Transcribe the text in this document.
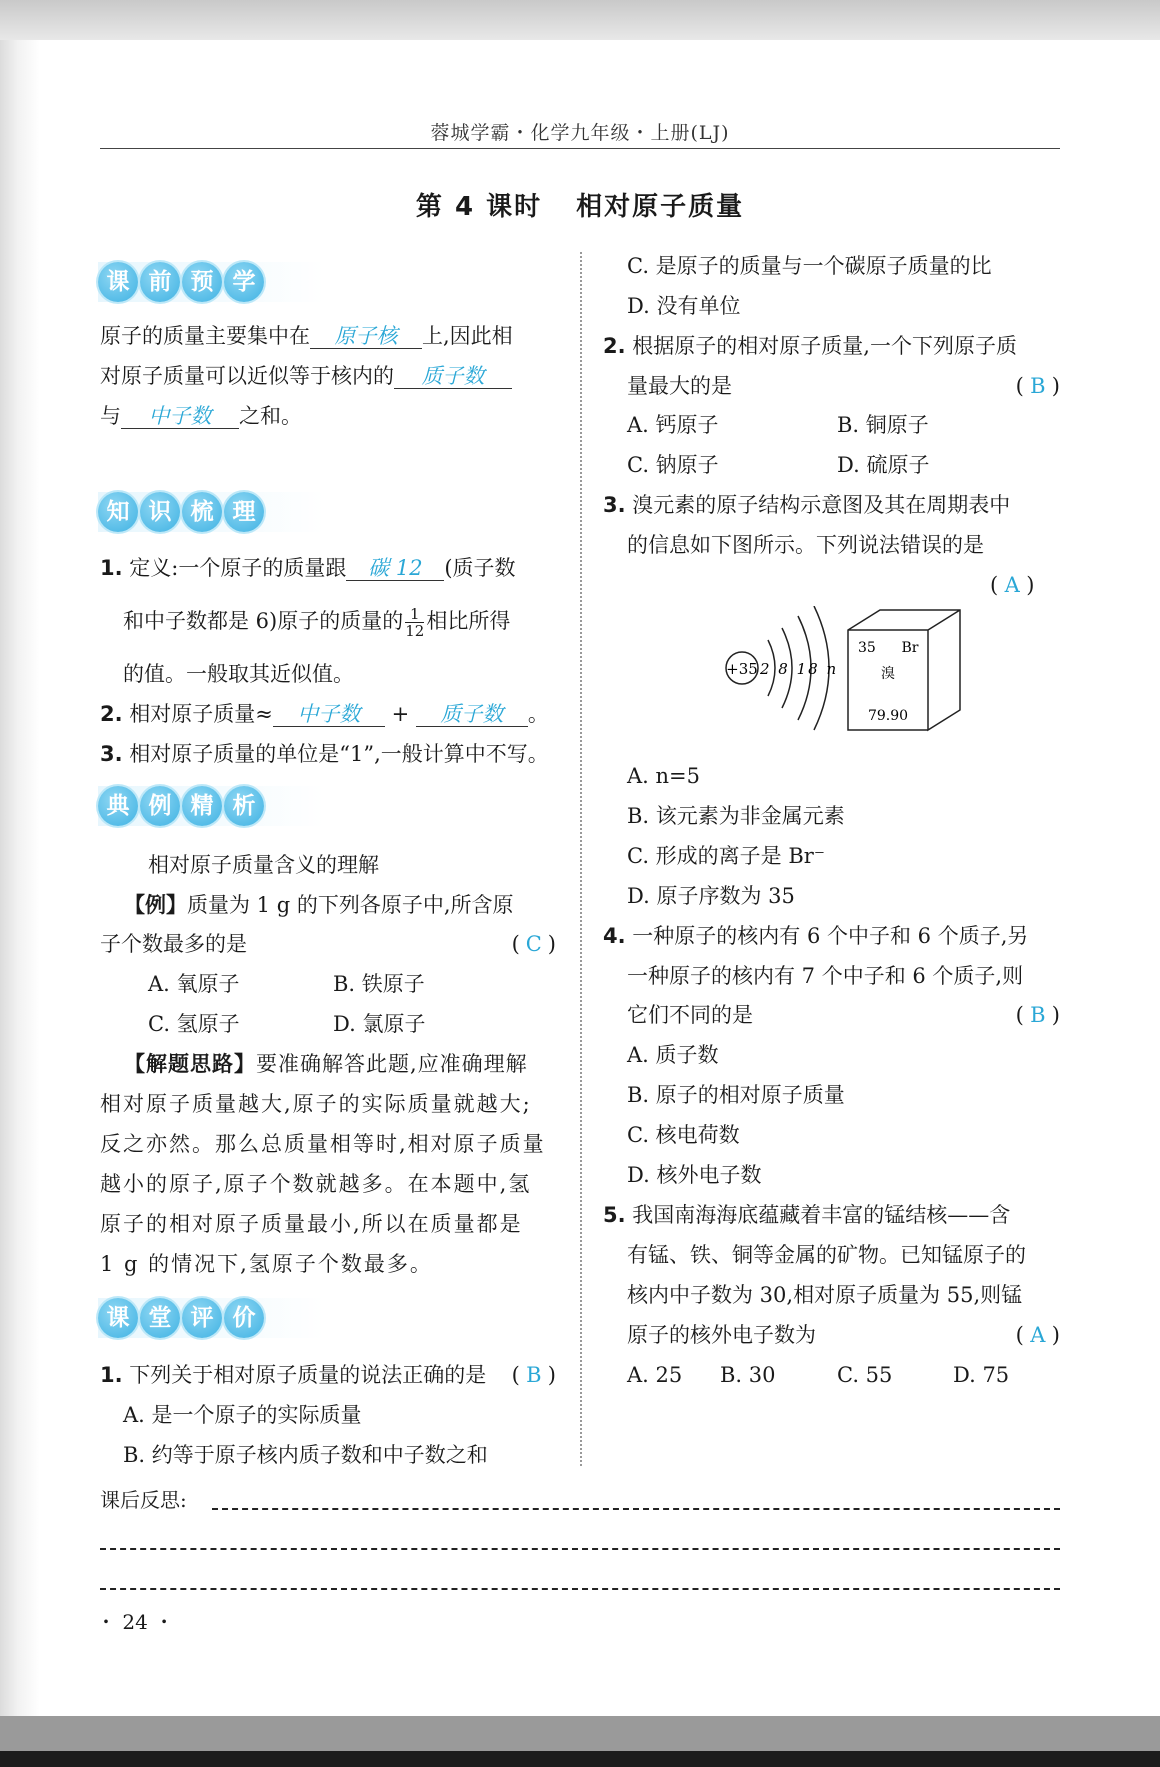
蓉城学霸・化学九年级・上册(LJ)
第 4 课时 相对原子质量
课 前 预 学
原子的质量主要集中在 原子核 上,因此相
对原子质量可以近似等于核内的 质子数
与 中子数 之和。
知 识 梳 理
1. 定义:一个原子的质量跟 碳 12 (质子数
和中子数都是 6)原子的质量的 $\frac{1}{12}$ 相比所得
的值。一般取其近似值。
2. 相对原子质量≈ 中子数 + 质子数 。
3. 相对原子质量的单位是“1”,一般计算中不写。
典 例 精 析
相对原子质量含义的理解
【例】质量为 1 g 的下列各原子中,所含原
子个数最多的是	( C )
A. 氧原子	B. 铁原子
C. 氢原子	D. 氯原子
【解题思路】要准确解答此题,应准确理解
相对原子质量越大,原子的实际质量就越大;
反之亦然。那么总质量相等时,相对原子质量
越小的原子,原子个数就越多。在本题中,氢
原子的相对原子质量最小,所以在质量都是
1 g 的情况下,氢原子个数最多。
课 堂 评 价
1. 下列关于相对原子质量的说法正确的是 ( B )
A. 是一个原子的实际质量
B. 约等于原子核内质子数和中子数之和
C. 是原子的质量与一个碳原子质量的比
D. 没有单位
2. 根据原子的相对原子质量,一个下列原子质
量最大的是	( B )
A. 钙原子	B. 铜原子
C. 钠原子	D. 硫原子
3. 溴元素的原子结构示意图及其在周期表中
的信息如下图所示。下列说法错误的是
( A )
+35 2 8 18 n
35 Br
溴
79.90
A. n=5
B. 该元素为非金属元素
C. 形成的离子是 Br⁻
D. 原子序数为 35
4. 一种原子的核内有 6 个中子和 6 个质子,另
一种原子的核内有 7 个中子和 6 个质子,则
它们不同的是	( B )
A. 质子数
B. 原子的相对原子质量
C. 核电荷数
D. 核外电子数
5. 我国南海海底蕴藏着丰富的锰结核——含
有锰、铁、铜等金属的矿物。已知锰原子的
核内中子数为 30,相对原子质量为 55,则锰
原子的核外电子数为	( A )
A. 25 B. 30	C. 55	D. 75
课后反思:
・ 24 ・
